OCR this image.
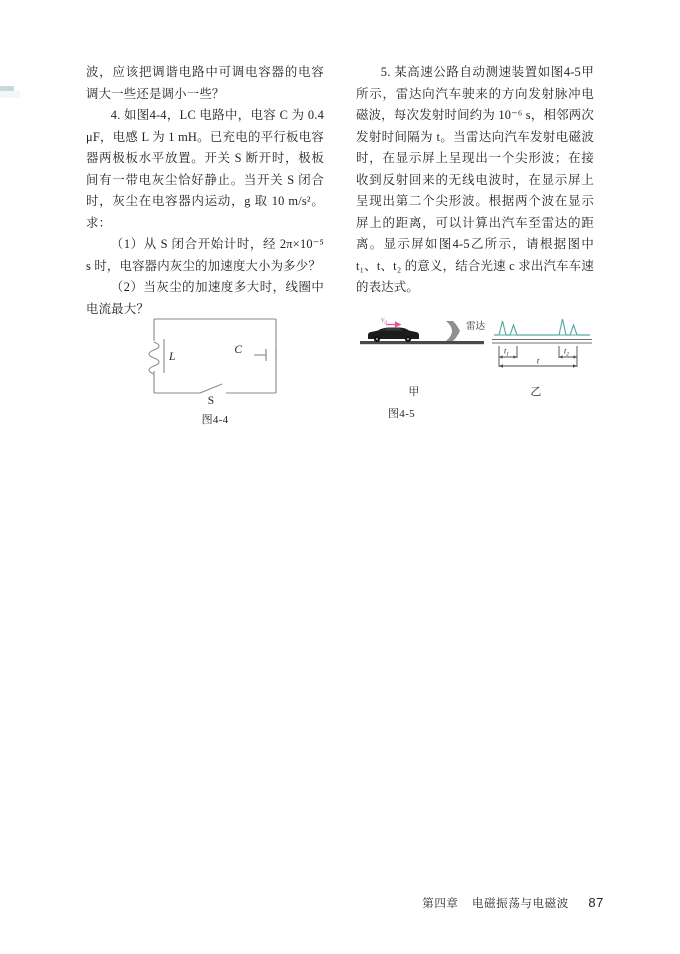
波，应该把调谐电路中可调电容器的电容调大一些还是调小一些？

4. 如图4-4，LC 电路中，电容 C 为 0.4 μF，电感 L 为 1 mH。已充电的平行板电容器两极板水平放置。开关 S 断开时，极板间有一带电灰尘恰好静止。当开关 S 闭合时，灰尘在电容器内运动，g 取 10 m/s²。求：

（1）从 S 闭合开始计时，经 2π×10⁻⁵ s 时，电容器内灰尘的加速度大小为多少？

（2）当灰尘的加速度多大时，线圈中电流最大？

5. 某高速公路自动测速装置如图4-5甲所示，雷达向汽车驶来的方向发射脉冲电磁波，每次发射时间约为 10⁻⁶ s，相邻两次发射时间隔为 t。当雷达向汽车发射电磁波时，在显示屏上呈现出一个尖形波；在接收到反射回来的无线电波时，在显示屏上呈现出第二个尖形波。根据两个波在显示屏上的距离，可以计算出汽车至雷达的距离。显示屏如图4-5乙所示，请根据图中 t₁、t、t₂ 的意义，结合光速 c 求出汽车车速的表达式。

L
C
S
图4-4
$v_0$	雷达
$t_1$	$t_2$
t
甲	乙
图4-5
第四章 电磁振荡与电磁波 87
